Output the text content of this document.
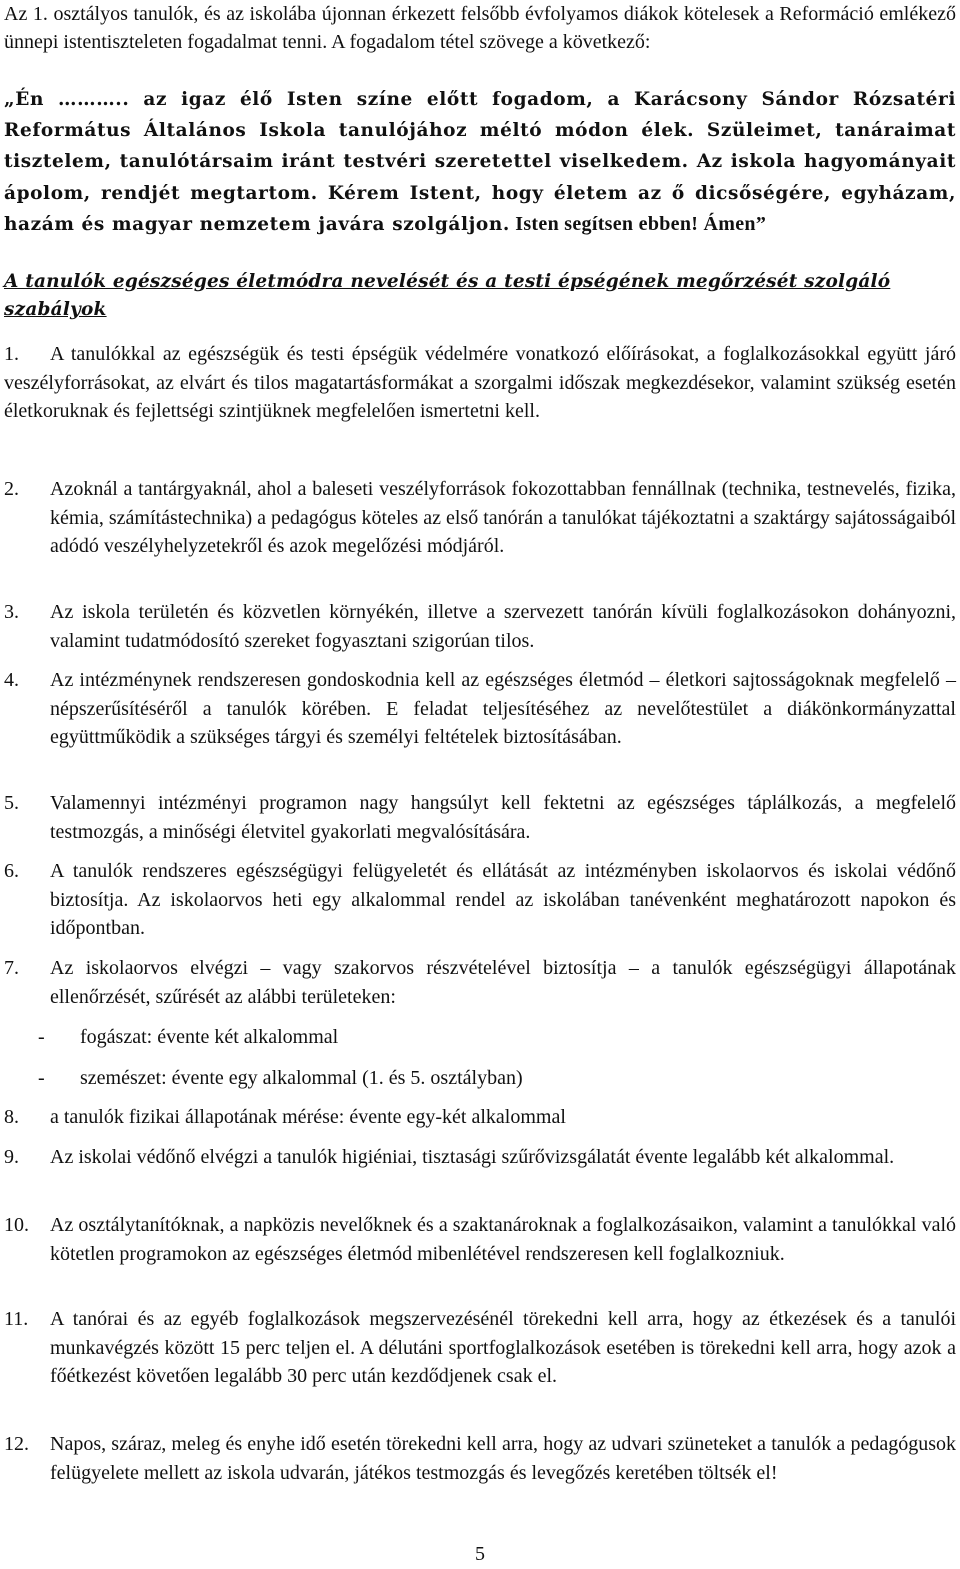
Az 1. osztályos tanulók, és az iskolába újonnan érkezett felsőbb évfolyamos diákok kötelesek a Reformáció emlékező ünnepi istentiszteleten fogadalmat tenni. A fogadalom tétel szövege a következő:

„Én ……….. az igaz élő Isten színe előtt fogadom, a Karácsony Sándor Rózsatéri Református Általános Iskola tanulójához méltó módon élek. Szüleimet, tanáraimat tisztelem, tanulótársaim iránt testvéri szeretettel viselkedem. Az iskola hagyományait ápolom, rendjét megtartom. Kérem Istent, hogy életem az ő dicsőségére, egyházam, hazám és magyar nemzetem javára szolgáljon. Isten segítsen ebben! Ámen”

A tanulók egészséges életmódra nevelését és a testi épségének megőrzését szolgáló szabályok

A tanulókkal az egészségük és testi épségük védelmére vonatkozó előírásokat, a foglalkozásokkal együtt járó veszélyforrásokat, az elvárt és tilos magatartásformákat a szorgalmi időszak megkezdésekor, valamint szükség esetén életkoruknak és fejlettségi szintjüknek megfelelően ismertetni kell.
1.
2.	Azoknál a tantárgyaknál, ahol a baleseti veszélyforrások fokozottabban fennállnak (technika, testnevelés, fizika, kémia, számítástechnika) a pedagógus köteles az első tanórán a tanulókat tájékoztatni a szaktárgy sajátosságaiból adódó veszélyhelyzetekről és azok megelőzési módjáról.
3.	Az iskola területén és közvetlen környékén, illetve a szervezett tanórán kívüli foglalkozásokon dohányozni, valamint tudatmódosító szereket fogyasztani szigorúan tilos.
4.	Az intézménynek rendszeresen gondoskodnia kell az egészséges életmód – életkori sajtosságoknak megfelelő – népszerűsítéséről a tanulók körében. E feladat teljesítéséhez az nevelőtestület a diákönkormányzattal együttműködik a szükséges tárgyi és személyi feltételek biztosításában.
5.	Valamennyi intézményi programon nagy hangsúlyt kell fektetni az egészséges táplálkozás, a megfelelő testmozgás, a minőségi életvitel gyakorlati megvalósítására.
6.	A tanulók rendszeres egészségügyi felügyeletét és ellátását az intézményben iskolaorvos és iskolai védőnő biztosítja. Az iskolaorvos heti egy alkalommal rendel az iskolában tanévenként meghatározott napokon és időpontban.
7.	Az iskolaorvos elvégzi – vagy szakorvos részvételével biztosítja – a tanulók egészségügyi állapotának ellenőrzését, szűrését az alábbi területeken:
-	fogászat: évente két alkalommal
-	szemészet: évente egy alkalommal (1. és 5. osztályban)
8.	a tanulók fizikai állapotának mérése: évente egy-két alkalommal
9.	Az iskolai védőnő elvégzi a tanulók higiéniai, tisztasági szűrővizsgálatát évente legalább két alkalommal.
10.	Az osztálytanítóknak, a napközis nevelőknek és a szaktanároknak a foglalkozásaikon, valamint a tanulókkal való kötetlen programokon az egészséges életmód mibenlétével rendszeresen kell foglalkozniuk.
11.	A tanórai és az egyéb foglalkozások megszervezésénél törekedni kell arra, hogy az étkezések és a tanulói munkavégzés között 15 perc teljen el. A délutáni sportfoglalkozások esetében is törekedni kell arra, hogy azok a főétkezést követően legalább 30 perc után kezdődjenek csak el.
12.	Napos, száraz, meleg és enyhe idő esetén törekedni kell arra, hogy az udvari szüneteket a tanulók a pedagógusok felügyelete mellett az iskola udvarán, játékos testmozgás és levegőzés keretében töltsék el!
5
